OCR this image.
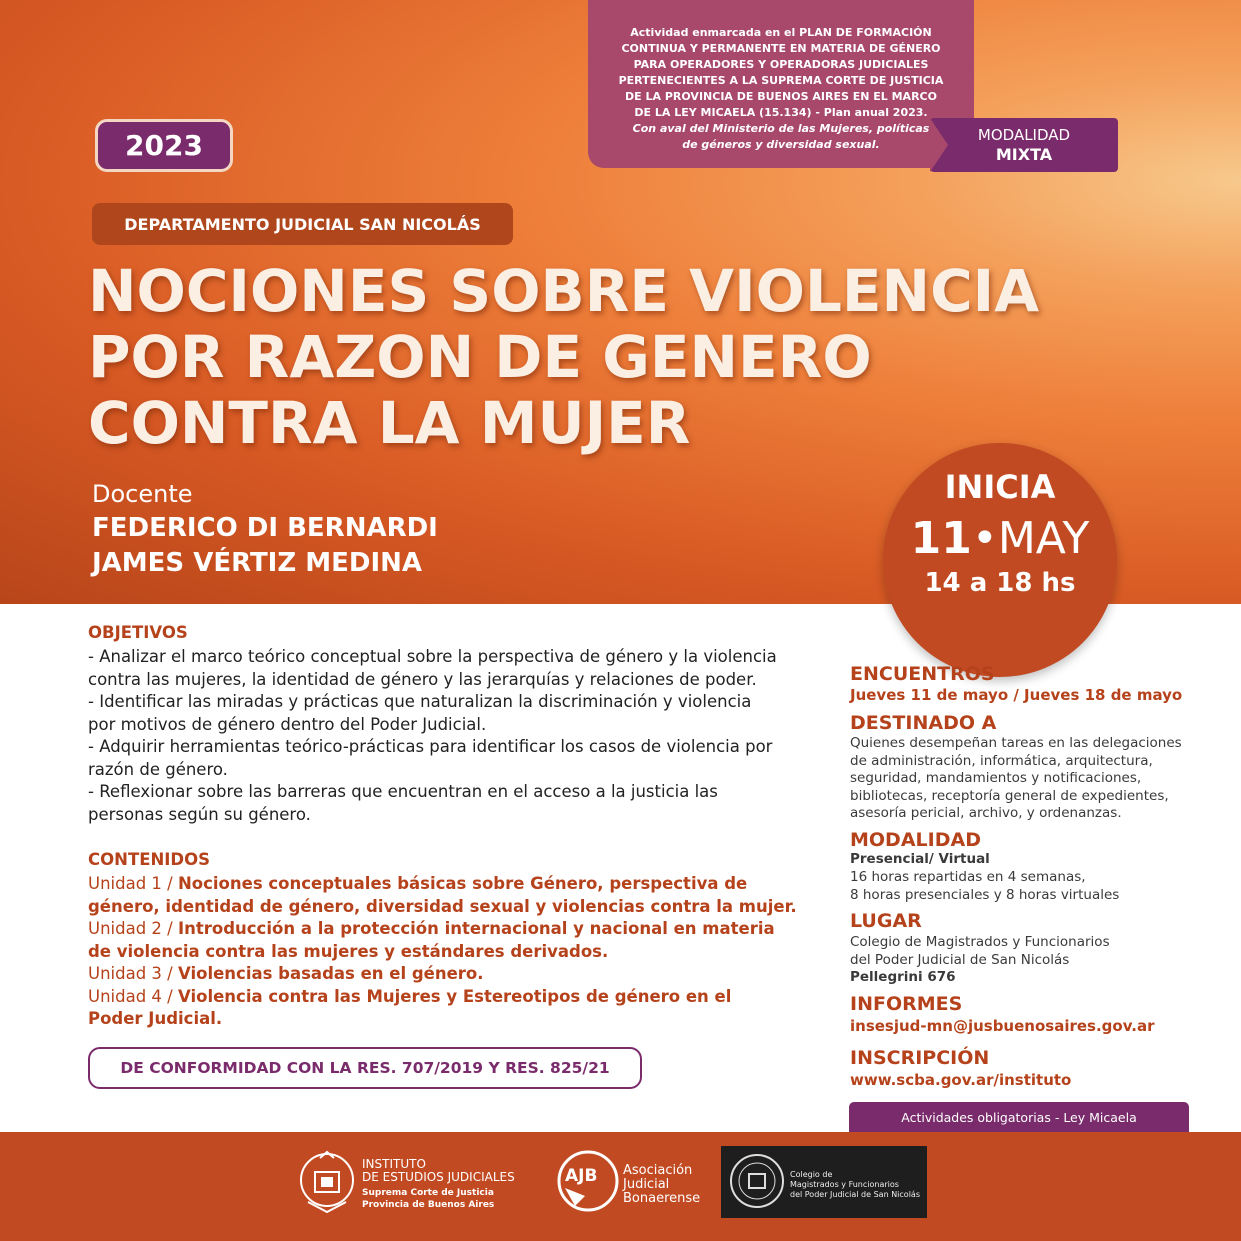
Actividad enmarcada en el PLAN DE FORMACIÓN
CONTINUA Y PERMANENTE EN MATERIA DE GÉNERO
PARA OPERADORES Y OPERADORAS JUDICIALES
PERTENECIENTES A LA SUPREMA CORTE DE JUSTICIA
DE LA PROVINCIA DE BUENOS AIRES EN EL MARCO
DE LA LEY MICAELA (15.134) - Plan anual 2023.
Con aval del Ministerio de las Mujeres, políticas
de géneros y diversidad sexual.
2023	MODALIDAD
MIXTA
DEPARTAMENTO JUDICIAL SAN NICOLÁS
NOCIONES SOBRE VIOLENCIA
POR RAZON DE GENERO
CONTRA LA MUJER
Docente
FEDERICO DI BERNARDI
JAMES VÉRTIZ MEDINA
INICIA
11•MAY
14 a 18 hs
OBJETIVOS
- Analizar el marco teórico conceptual sobre la perspectiva de género y la violencia
contra las mujeres, la identidad de género y las jerarquías y relaciones de poder.
- Identificar las miradas y prácticas que naturalizan la discriminación y violencia
por motivos de género dentro del Poder Judicial.
- Adquirir herramientas teórico-prácticas para identificar los casos de violencia por
razón de género.
- Reflexionar sobre las barreras que encuentran en el acceso a la justicia las
personas según su género.
CONTENIDOS
Unidad 1 / Nociones conceptuales básicas sobre Género, perspectiva de
género, identidad de género, diversidad sexual y violencias contra la mujer.
Unidad 2 / Introducción a la protección internacional y nacional en materia
de violencia contra las mujeres y estándares derivados.
Unidad 3 / Violencias basadas en el género.
Unidad 4 / Violencia contra las Mujeres y Estereotipos de género en el
Poder Judicial.
DE CONFORMIDAD CON LA RES. 707/2019 Y RES. 825/21
ENCUENTROS
Jueves 11 de mayo / Jueves 18 de mayo
DESTINADO A
Quienes desempeñan tareas en las delegaciones
de administración, informática, arquitectura,
seguridad, mandamientos y notificaciones,
bibliotecas, receptoría general de expedientes,
asesoría pericial, archivo, y ordenanzas.
MODALIDAD
Presencial/ Virtual
16 horas repartidas en 4 semanas,
8 horas presenciales y 8 horas virtuales
LUGAR
Colegio de Magistrados y Funcionarios
del Poder Judicial de San Nicolás
Pellegrini 676
INFORMES
insesjud-mn@jusbuenosaires.gov.ar
INSCRIPCIÓN
www.scba.gov.ar/instituto
Actividades obligatorias - Ley Micaela
INSTITUTO
DE ESTUDIOS JUDICIALES
Suprema Corte de Justicia
Provincia de Buenos Aires
AJB Asociación
Judicial
Bonaerense
Colegio de
Magistrados y Funcionarios
del Poder Judicial de San Nicolás
